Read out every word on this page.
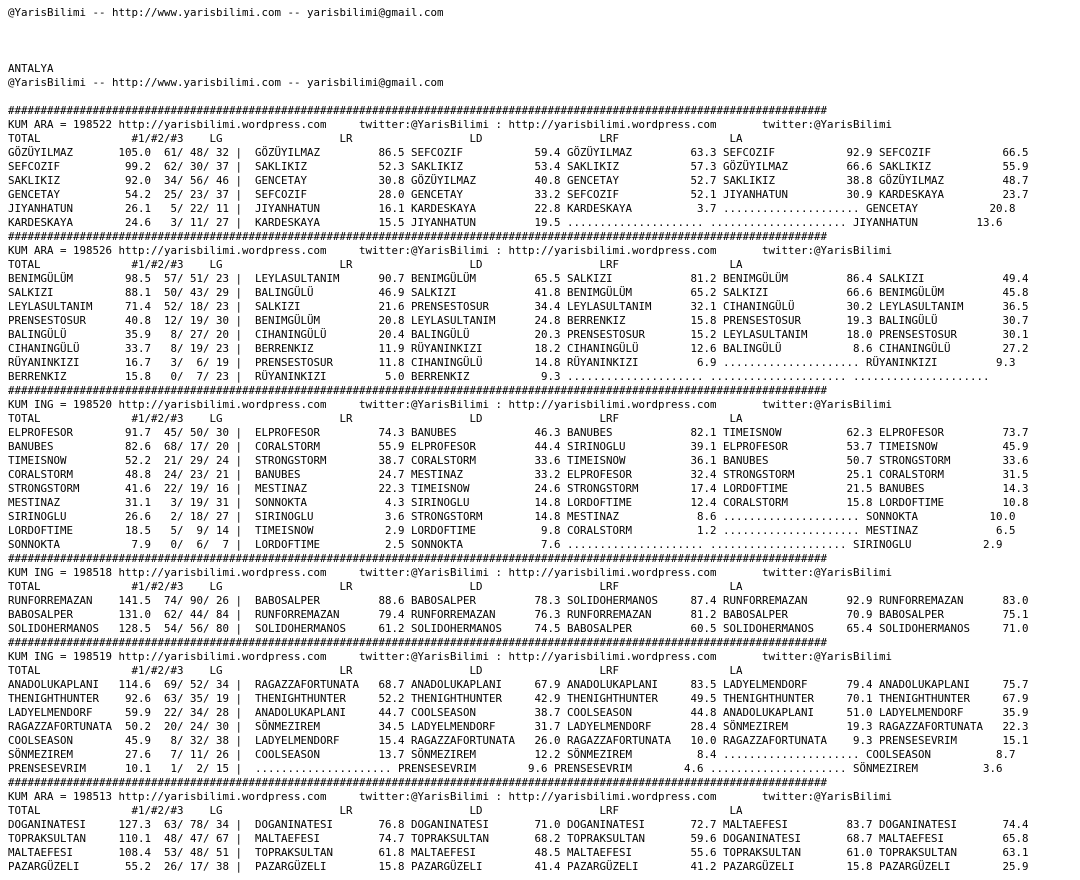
@YarisBilimi -- http://www.yarisbilimi.com -- yarisbilimi@gmail.com
ANTALYA
@YarisBilimi -- http://www.yarisbilimi.com -- yarisbilimi@gmail.com
##############################################################################################################################
KUM ARA = 198522 http://yarisbilimi.wordpress.com     twitter:@YarisBilimi : http://yarisbilimi.wordpress.com       twitter:@YarisBilimi
TOTAL              #1/#2/#3    LG                  LR                  LD                  LRF                 LA
GÖZÜYILMAZ       105.0  61/ 48/ 32 |  GÖZÜYILMAZ         86.5 SEFCOZIF           59.4 GÖZÜYILMAZ         63.3 SEFCOZIF           92.9 SEFCOZIF           66.5
SEFCOZIF          99.2  62/ 30/ 37 |  SAKLIKIZ           52.3 SAKLIKIZ           53.4 SAKLIKIZ           57.3 GÖZÜYILMAZ         66.6 SAKLIKIZ           55.9
SAKLIKIZ          92.0  34/ 56/ 46 |  GENCETAY           30.8 GÖZÜYILMAZ         40.8 GENCETAY           52.7 SAKLIKIZ           38.8 GÖZÜYILMAZ         48.7
GENCETAY          54.2  25/ 23/ 37 |  SEFCOZIF           28.0 GENCETAY           33.2 SEFCOZIF           52.1 JIYANHATUN         30.9 KARDESKAYA         23.7
JIYANHATUN        26.1   5/ 22/ 11 |  JIYANHATUN         16.1 KARDESKAYA         22.8 KARDESKAYA          3.7 ..................... GENCETAY           20.8
KARDESKAYA        24.6   3/ 11/ 27 |  KARDESKAYA         15.5 JIYANHATUN         19.5 ..................... ..................... JIYANHATUN         13.6
##############################################################################################################################
KUM ARA = 198526 http://yarisbilimi.wordpress.com     twitter:@YarisBilimi : http://yarisbilimi.wordpress.com       twitter:@YarisBilimi
TOTAL              #1/#2/#3    LG                  LR                  LD                  LRF                 LA
BENIMGÜLÜM        98.5  57/ 51/ 23 |  LEYLASULTANIM      90.7 BENIMGÜLÜM         65.5 SALKIZI            81.2 BENIMGÜLÜM         86.4 SALKIZI            49.4
SALKIZI           88.1  50/ 43/ 29 |  BALINGÜLÜ          46.9 SALKIZI            41.8 BENIMGÜLÜM         65.2 SALKIZI            66.6 BENIMGÜLÜM         45.8
LEYLASULTANIM     71.4  52/ 18/ 23 |  SALKIZI            21.6 PRENSESTOSUR       34.4 LEYLASULTANIM      32.1 CIHANINGÜLÜ        30.2 LEYLASULTANIM      36.5
PRENSESTOSUR      40.8  12/ 19/ 30 |  BENIMGÜLÜM         20.8 LEYLASULTANIM      24.8 BERRENKIZ          15.8 PRENSESTOSUR       19.3 BALINGÜLÜ          30.7
BALINGÜLÜ         35.9   8/ 27/ 20 |  CIHANINGÜLÜ        20.4 BALINGÜLÜ          20.3 PRENSESTOSUR       15.2 LEYLASULTANIM      18.0 PRENSESTOSUR       30.1
CIHANINGÜLÜ       33.7   8/ 19/ 23 |  BERRENKIZ          11.9 RÜYANINKIZI        18.2 CIHANINGÜLÜ        12.6 BALINGÜLÜ           8.6 CIHANINGÜLÜ        27.2
RÜYANINKIZI       16.7   3/  6/ 19 |  PRENSESTOSUR       11.8 CIHANINGÜLÜ        14.8 RÜYANINKIZI         6.9 ..................... RÜYANINKIZI         9.3
BERRENKIZ         15.8   0/  7/ 23 |  RÜYANINKIZI         5.0 BERRENKIZ           9.3 ..................... ..................... .....................
##############################################################################################################################
KUM ING = 198520 http://yarisbilimi.wordpress.com     twitter:@YarisBilimi : http://yarisbilimi.wordpress.com       twitter:@YarisBilimi
TOTAL              #1/#2/#3    LG                  LR                  LD                  LRF                 LA
ELPROFESOR        91.7  45/ 50/ 30 |  ELPROFESOR         74.3 BANUBES            46.3 BANUBES            82.1 TIMEISNOW          62.3 ELPROFESOR         73.7
BANUBES           82.6  68/ 17/ 20 |  CORALSTORM         55.9 ELPROFESOR         44.4 SIRINOGLU          39.1 ELPROFESOR         53.7 TIMEISNOW          45.9
TIMEISNOW         52.2  21/ 29/ 24 |  STRONGSTORM        38.7 CORALSTORM         33.6 TIMEISNOW          36.1 BANUBES            50.7 STRONGSTORM        33.6
CORALSTORM        48.8  24/ 23/ 21 |  BANUBES            24.7 MESTINAZ           33.2 ELPROFESOR         32.4 STRONGSTORM        25.1 CORALSTORM         31.5
STRONGSTORM       41.6  22/ 19/ 16 |  MESTINAZ           22.3 TIMEISNOW          24.6 STRONGSTORM        17.4 LORDOFTIME         21.5 BANUBES            14.3
MESTINAZ          31.1   3/ 19/ 31 |  SONNOKTA            4.3 SIRINOGLU          14.8 LORDOFTIME         12.4 CORALSTORM         15.8 LORDOFTIME         10.8
SIRINOGLU         26.6   2/ 18/ 27 |  SIRINOGLU           3.6 STRONGSTORM        14.8 MESTINAZ            8.6 ..................... SONNOKTA           10.0
LORDOFTIME        18.5   5/  9/ 14 |  TIMEISNOW           2.9 LORDOFTIME          9.8 CORALSTORM          1.2 ..................... MESTINAZ            6.5
SONNOKTA           7.9   0/  6/  7 |  LORDOFTIME          2.5 SONNOKTA            7.6 ..................... ..................... SIRINOGLU           2.9
##############################################################################################################################
KUM ING = 198518 http://yarisbilimi.wordpress.com     twitter:@YarisBilimi : http://yarisbilimi.wordpress.com       twitter:@YarisBilimi
TOTAL              #1/#2/#3    LG                  LR                  LD                  LRF                 LA
RUNFORREMAZAN    141.5  74/ 90/ 26 |  BABOSALPER         88.6 BABOSALPER         78.3 SOLIDOHERMANOS     87.4 RUNFORREMAZAN      92.9 RUNFORREMAZAN      83.0
BABOSALPER       131.0  62/ 44/ 84 |  RUNFORREMAZAN      79.4 RUNFORREMAZAN      76.3 RUNFORREMAZAN      81.2 BABOSALPER         70.9 BABOSALPER         75.1
SOLIDOHERMANOS   128.5  54/ 56/ 80 |  SOLIDOHERMANOS     61.2 SOLIDOHERMANOS     74.5 BABOSALPER         60.5 SOLIDOHERMANOS     65.4 SOLIDOHERMANOS     71.0
##############################################################################################################################
KUM ING = 198519 http://yarisbilimi.wordpress.com     twitter:@YarisBilimi : http://yarisbilimi.wordpress.com       twitter:@YarisBilimi
TOTAL              #1/#2/#3    LG                  LR                  LD                  LRF                 LA
ANADOLUKAPLANI   114.6  69/ 52/ 34 |  RAGAZZAFORTUNATA   68.7 ANADOLUKAPLANI     67.9 ANADOLUKAPLANI     83.5 LADYELMENDORF      79.4 ANADOLUKAPLANI     75.7
THENIGHTHUNTER    92.6  63/ 35/ 19 |  THENIGHTHUNTER     52.2 THENIGHTHUNTER     42.9 THENIGHTHUNTER     49.5 THENIGHTHUNTER     70.1 THENIGHTHUNTER     67.9
LADYELMENDORF     59.9  22/ 34/ 28 |  ANADOLUKAPLANI     44.7 COOLSEASON         38.7 COOLSEASON         44.8 ANADOLUKAPLANI     51.0 LADYELMENDORF      35.9
RAGAZZAFORTUNATA  50.2  20/ 24/ 30 |  SÖNMEZIREM         34.5 LADYELMENDORF      31.7 LADYELMENDORF      28.4 SÖNMEZIREM         19.3 RAGAZZAFORTUNATA   22.3
COOLSEASON        45.9   8/ 32/ 38 |  LADYELMENDORF      15.4 RAGAZZAFORTUNATA   26.0 RAGAZZAFORTUNATA   10.0 RAGAZZAFORTUNATA    9.3 PRENSESEVRIM       15.1
SÖNMEZIREM        27.6   7/ 11/ 26 |  COOLSEASON         13.7 SÖNMEZIREM         12.2 SÖNMEZIREM          8.4 ..................... COOLSEASON          8.7
PRENSESEVRIM      10.1   1/  2/ 15 |  ..................... PRENSESEVRIM        9.6 PRENSESEVRIM        4.6 ..................... SÖNMEZIREM          3.6
##############################################################################################################################
KUM ARA = 198513 http://yarisbilimi.wordpress.com     twitter:@YarisBilimi : http://yarisbilimi.wordpress.com       twitter:@YarisBilimi
TOTAL              #1/#2/#3    LG                  LR                  LD                  LRF                 LA
DOGANINATESI     127.3  63/ 78/ 34 |  DOGANINATESI       76.8 DOGANINATESI       71.0 DOGANINATESI       72.7 MALTAEFESI         83.7 DOGANINATESI       74.4
TOPRAKSULTAN     110.1  48/ 47/ 67 |  MALTAEFESI         74.7 TOPRAKSULTAN       68.2 TOPRAKSULTAN       59.6 DOGANINATESI       68.7 MALTAEFESI         65.8
MALTAEFESI       108.4  53/ 48/ 51 |  TOPRAKSULTAN       61.8 MALTAEFESI         48.5 MALTAEFESI         55.6 TOPRAKSULTAN       61.0 TOPRAKSULTAN       63.1
PAZARGÜZELI       55.2  26/ 17/ 38 |  PAZARGÜZELI        15.8 PAZARGÜZELI        41.4 PAZARGÜZELI        41.2 PAZARGÜZELI        15.8 PAZARGÜZELI        25.9
